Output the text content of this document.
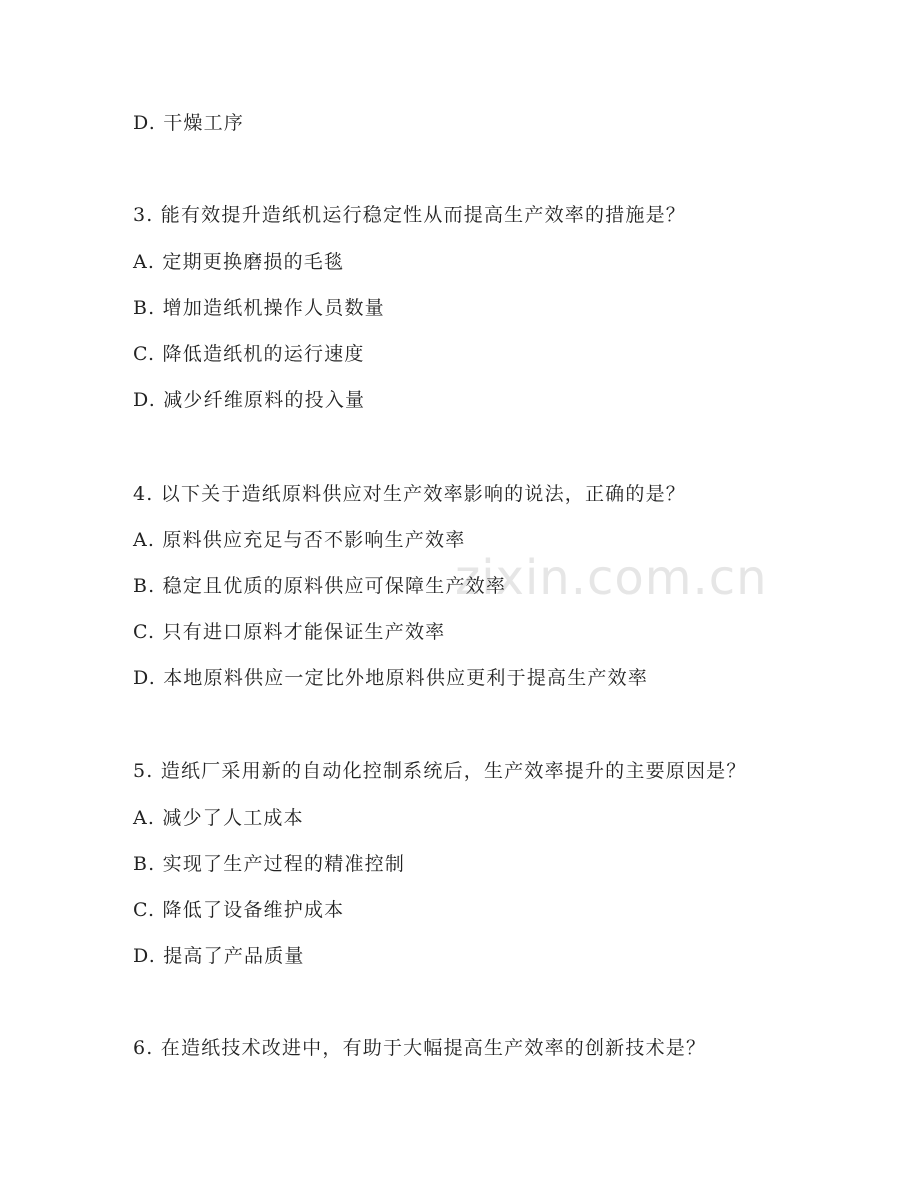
zixin.com.cn
D. 干燥工序
3. 能有效提升造纸机运行稳定性从而提高生产效率的措施是？
A. 定期更换磨损的毛毯
B. 增加造纸机操作人员数量
C. 降低造纸机的运行速度
D. 减少纤维原料的投入量
4. 以下关于造纸原料供应对生产效率影响的说法，正确的是？
A. 原料供应充足与否不影响生产效率
B. 稳定且优质的原料供应可保障生产效率
C. 只有进口原料才能保证生产效率
D. 本地原料供应一定比外地原料供应更利于提高生产效率
5. 造纸厂采用新的自动化控制系统后，生产效率提升的主要原因是？
A. 减少了人工成本
B. 实现了生产过程的精准控制
C. 降低了设备维护成本
D. 提高了产品质量
6. 在造纸技术改进中，有助于大幅提高生产效率的创新技术是？
